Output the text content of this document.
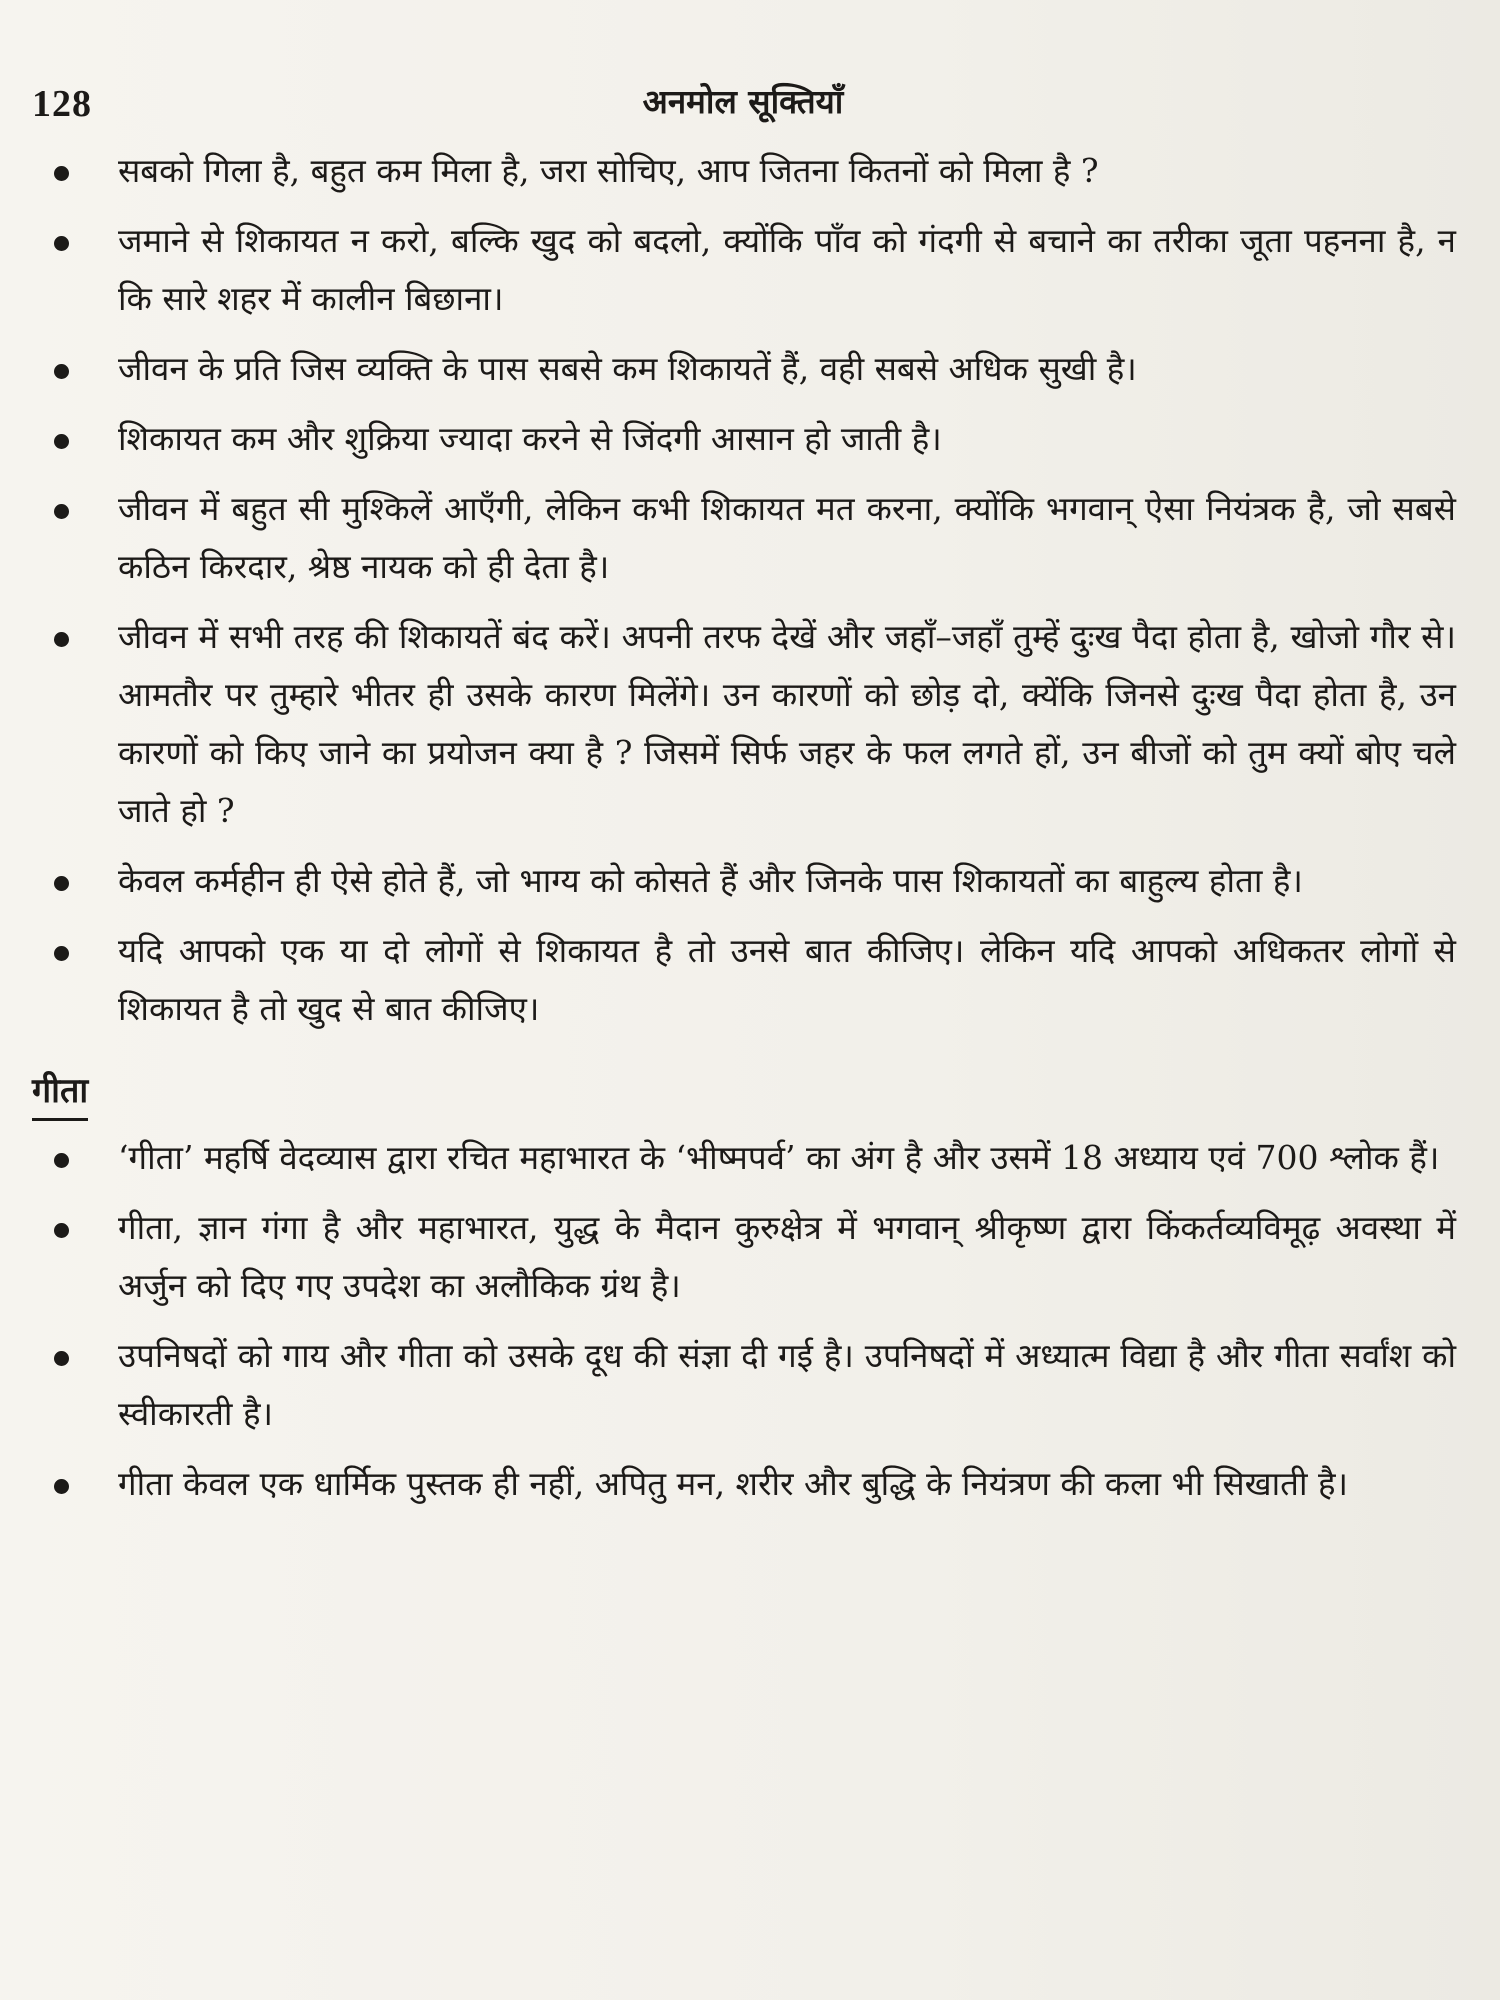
128	अनमोल सूक्तियाँ
सबको गिला है, बहुत कम मिला है, जरा सोचिए, आप जितना कितनों को मिला है ?
जमाने से शिकायत न करो, बल्कि खुद को बदलो, क्योंकि पाँव को गंदगी से बचाने का तरीका जूता पहनना है, न कि सारे शहर में कालीन बिछाना।
जीवन के प्रति जिस व्यक्ति के पास सबसे कम शिकायतें हैं, वही सबसे अधिक सुखी है।
शिकायत कम और शुक्रिया ज्यादा करने से जिंदगी आसान हो जाती है।
जीवन में बहुत सी मुश्किलें आएँगी, लेकिन कभी शिकायत मत करना, क्योंकि भगवान् ऐसा नियंत्रक है, जो सबसे कठिन किरदार, श्रेष्ठ नायक को ही देता है।
जीवन में सभी तरह की शिकायतें बंद करें। अपनी तरफ देखें और जहाँ–जहाँ तुम्हें दुःख पैदा होता है, खोजो गौर से। आमतौर पर तुम्हारे भीतर ही उसके कारण मिलेंगे। उन कारणों को छोड़ दो, क्येंकि जिनसे दुःख पैदा होता है, उन कारणों को किए जाने का प्रयोजन क्या है ? जिसमें सिर्फ जहर के फल लगते हों, उन बीजों को तुम क्यों बोए चले जाते हो ?
केवल कर्महीन ही ऐसे होते हैं, जो भाग्य को कोसते हैं और जिनके पास शिकायतों का बाहुल्य होता है।
यदि आपको एक या दो लोगों से शिकायत है तो उनसे बात कीजिए। लेकिन यदि आपको अधिकतर लोगों से शिकायत है तो खुद से बात कीजिए।
गीता
‘गीता’ महर्षि वेदव्यास द्वारा रचित महाभारत के ‘भीष्मपर्व’ का अंग है और उसमें 18 अध्याय एवं 700 श्लोक हैं।
गीता, ज्ञान गंगा है और महाभारत, युद्ध के मैदान कुरुक्षेत्र में भगवान् श्रीकृष्ण द्वारा किंकर्तव्यविमूढ़ अवस्था में अर्जुन को दिए गए उपदेश का अलौकिक ग्रंथ है।
उपनिषदों को गाय और गीता को उसके दूध की संज्ञा दी गई है। उपनिषदों में अध्यात्म विद्या है और गीता सर्वांश को स्वीकारती है।
गीता केवल एक धार्मिक पुस्तक ही नहीं, अपितु मन, शरीर और बुद्धि के नियंत्रण की कला भी सिखाती है।
